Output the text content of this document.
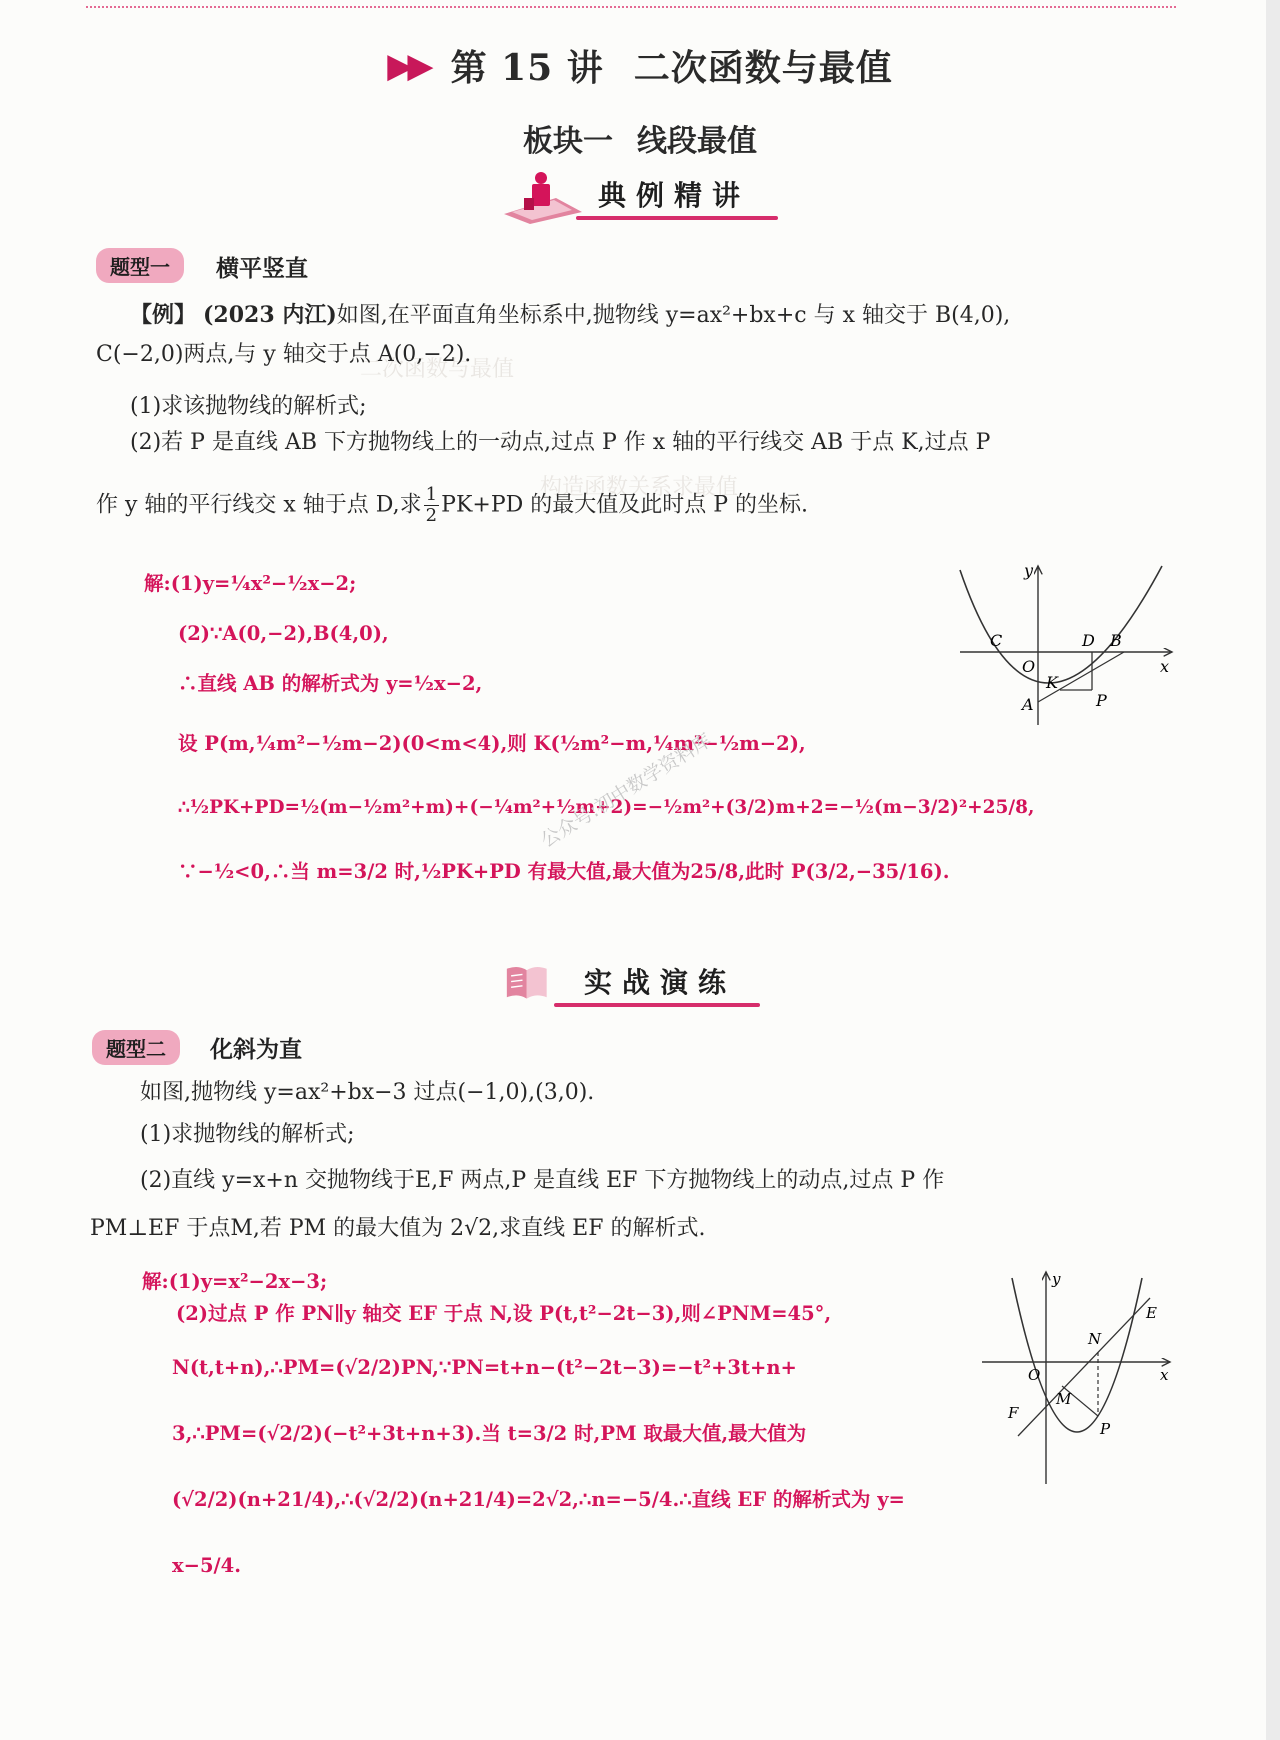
二次函数与最值
构造函数关系求最值
▶▶ 第 15 讲 二次函数与最值
板块一 线段最值
典例精讲
题型一	横平竖直
【例】 (2023 内江)如图,在平面直角坐标系中,抛物线 y=ax²+bx+c 与 x 轴交于 B(4,0),
C(−2,0)两点,与 y 轴交于点 A(0,−2).
(1)求该抛物线的解析式;
(2)若 P 是直线 AB 下方抛物线上的一动点,过点 P 作 x 轴的平行线交 AB 于点 K,过点 P
作 y 轴的平行线交 x 轴于点 D,求 $\frac{1}{2} PK+PD$ 的最大值及此时点 P 的坐标.
解:(1)y=¼x²−½x−2;
(2)∵A(0,−2),B(4,0),
∴直线 AB 的解析式为 y=½x−2,
设 P(m,¼m²−½m−2)(0<m<4),则 K(½m²−m,¼m²−½m−2),
∴½PK+PD=½(m−½m²+m)+(−¼m²+½m+2)=−½m²+(3/2)m+2=−½(m−3/2)²+25/8,
∵−½<0,∴当 m=3/2 时,½PK+PD 有最大值,最大值为25/8,此时 P(3/2,−35/16).
y
x
O
C	D B
K
P
A
公众号:初中数学资料库
实战演练
题型二	化斜为直
如图,抛物线 y=ax²+bx−3 过点(−1,0),(3,0).
(1)求抛物线的解析式;
(2)直线 y=x+n 交抛物线于E,F 两点,P 是直线 EF 下方抛物线上的动点,过点 P 作
PM⊥EF 于点M,若 PM 的最大值为 2√2,求直线 EF 的解析式.
解:(1)y=x²−2x−3;
(2)过点 P 作 PN∥y 轴交 EF 于点 N,设 P(t,t²−2t−3),则∠PNM=45°,
N(t,t+n),∴PM=(√2/2)PN,∵PN=t+n−(t²−2t−3)=−t²+3t+n+
3,∴PM=(√2/2)(−t²+3t+n+3).当 t=3/2 时,PM 取最大值,最大值为
(√2/2)(n+21/4),∴(√2/2)(n+21/4)=2√2,∴n=−5/4.∴直线 EF 的解析式为 y=
x−5/4.
y
x
O
E
N
F
M
P
